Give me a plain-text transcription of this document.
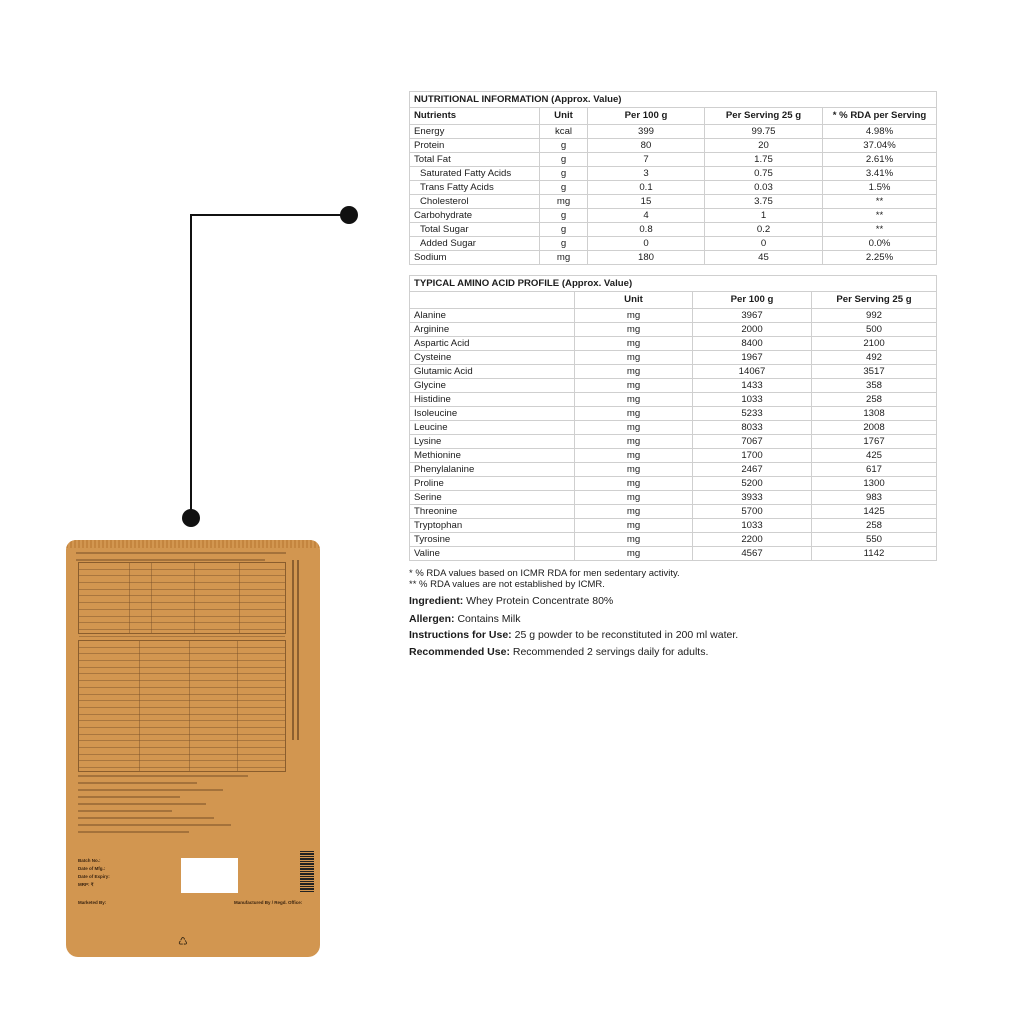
NUTRITIONAL INFORMATION (Approx. Value)				
Nutrients	Unit	Per 100 g	Per Serving 25 g	* % RDA per Serving
Energy	kcal	399	99.75	4.98%
Protein	g	80	20	37.04%
Total Fat	g	7	1.75	2.61%
Saturated Fatty Acids	g	3	0.75	3.41%
Trans Fatty Acids	g	0.1	0.03	1.5%
Cholesterol	mg	15	3.75	**
Carbohydrate	g	4	1	**
Total Sugar	g	0.8	0.2	**
Added Sugar	g	0	0	0.0%
Sodium	mg	180	45	2.25%
TYPICAL AMINO ACID PROFILE (Approx. Value)			
	Unit	Per 100 g	Per Serving 25 g
Alanine	mg	3967	992
Arginine	mg	2000	500
Aspartic Acid	mg	8400	2100
Cysteine	mg	1967	492
Glutamic Acid	mg	14067	3517
Glycine	mg	1433	358
Histidine	mg	1033	258
Isoleucine	mg	5233	1308
Leucine	mg	8033	2008
Lysine	mg	7067	1767
Methionine	mg	1700	425
Phenylalanine	mg	2467	617
Proline	mg	5200	1300
Serine	mg	3933	983
Threonine	mg	5700	1425
Tryptophan	mg	1033	258
Tyrosine	mg	2200	550
Valine	mg	4567	1142

* % RDA values based on ICMR RDA for men sedentary activity.

** % RDA values are not established by ICMR.

Ingredient: Whey Protein Concentrate 80%
Allergen: Contains Milk
Instructions for Use: 25 g powder to be reconstituted in 200 ml water.
Recommended Use: Recommended 2 servings daily for adults.
Batch No.:
Date of Mfg.:
Date of Expiry:
MRP: ₹
Marketed By:	Manufactured By / Regd. Office:
♺
